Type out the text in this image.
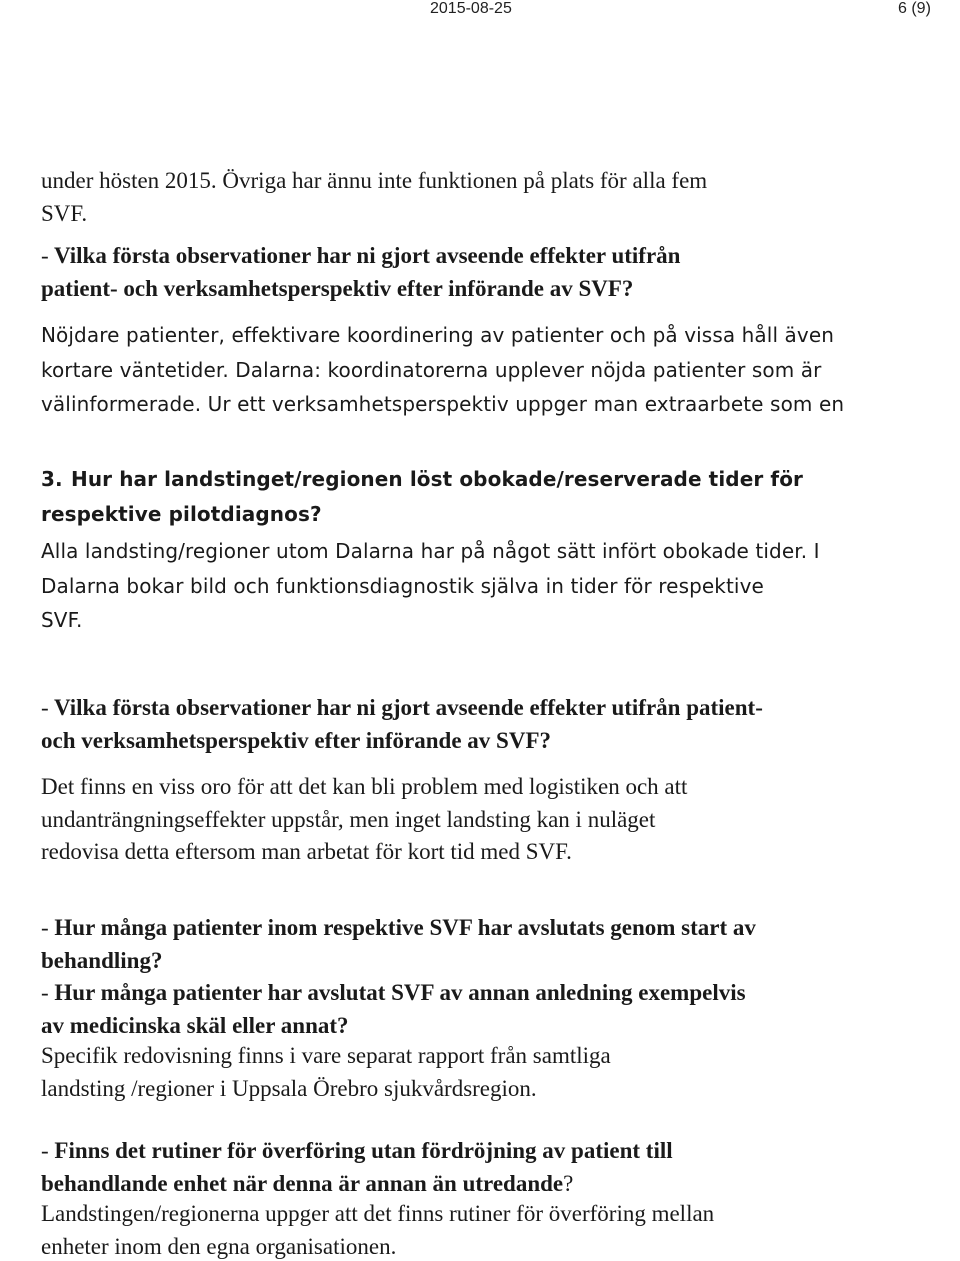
2015-08-25	6 (9)

under hösten 2015. Övriga har ännu inte funktionen på plats för alla fem

SVF.

- Vilka första observationer har ni gjort avseende effekter utifrån

patient- och verksamhetsperspektiv efter införande av SVF?

Nöjdare patienter, effektivare koordinering av patienter och på vissa håll även

kortare väntetider. Dalarna: koordinatorerna upplever nöjda patienter som är

välinformerade. Ur ett verksamhetsperspektiv uppger man extraarbete som en

3. Hur har landstinget/regionen löst obokade/reserverade tider för

respektive pilotdiagnos?

Alla landsting/regioner utom Dalarna har på något sätt infört obokade tider. I

Dalarna bokar bild och funktionsdiagnostik själva in tider för respektive

SVF.

- Vilka första observationer har ni gjort avseende effekter utifrån patient-

och verksamhetsperspektiv efter införande av SVF?

Det finns en viss oro för att det kan bli problem med logistiken och att

undanträngningseffekter uppstår, men inget landsting kan i nuläget

redovisa detta eftersom man arbetat för kort tid med SVF.

- Hur många patienter inom respektive SVF har avslutats genom start av

behandling?

- Hur många patienter har avslutat SVF av annan anledning exempelvis

av medicinska skäl eller annat?

Specifik redovisning finns i vare separat rapport från samtliga

landsting /regioner i Uppsala Örebro sjukvårdsregion.

- Finns det rutiner för överföring utan fördröjning av patient till

behandlande enhet när denna är annan än utredande?

Landstingen/regionerna uppger att det finns rutiner för överföring mellan

enheter inom den egna organisationen.
